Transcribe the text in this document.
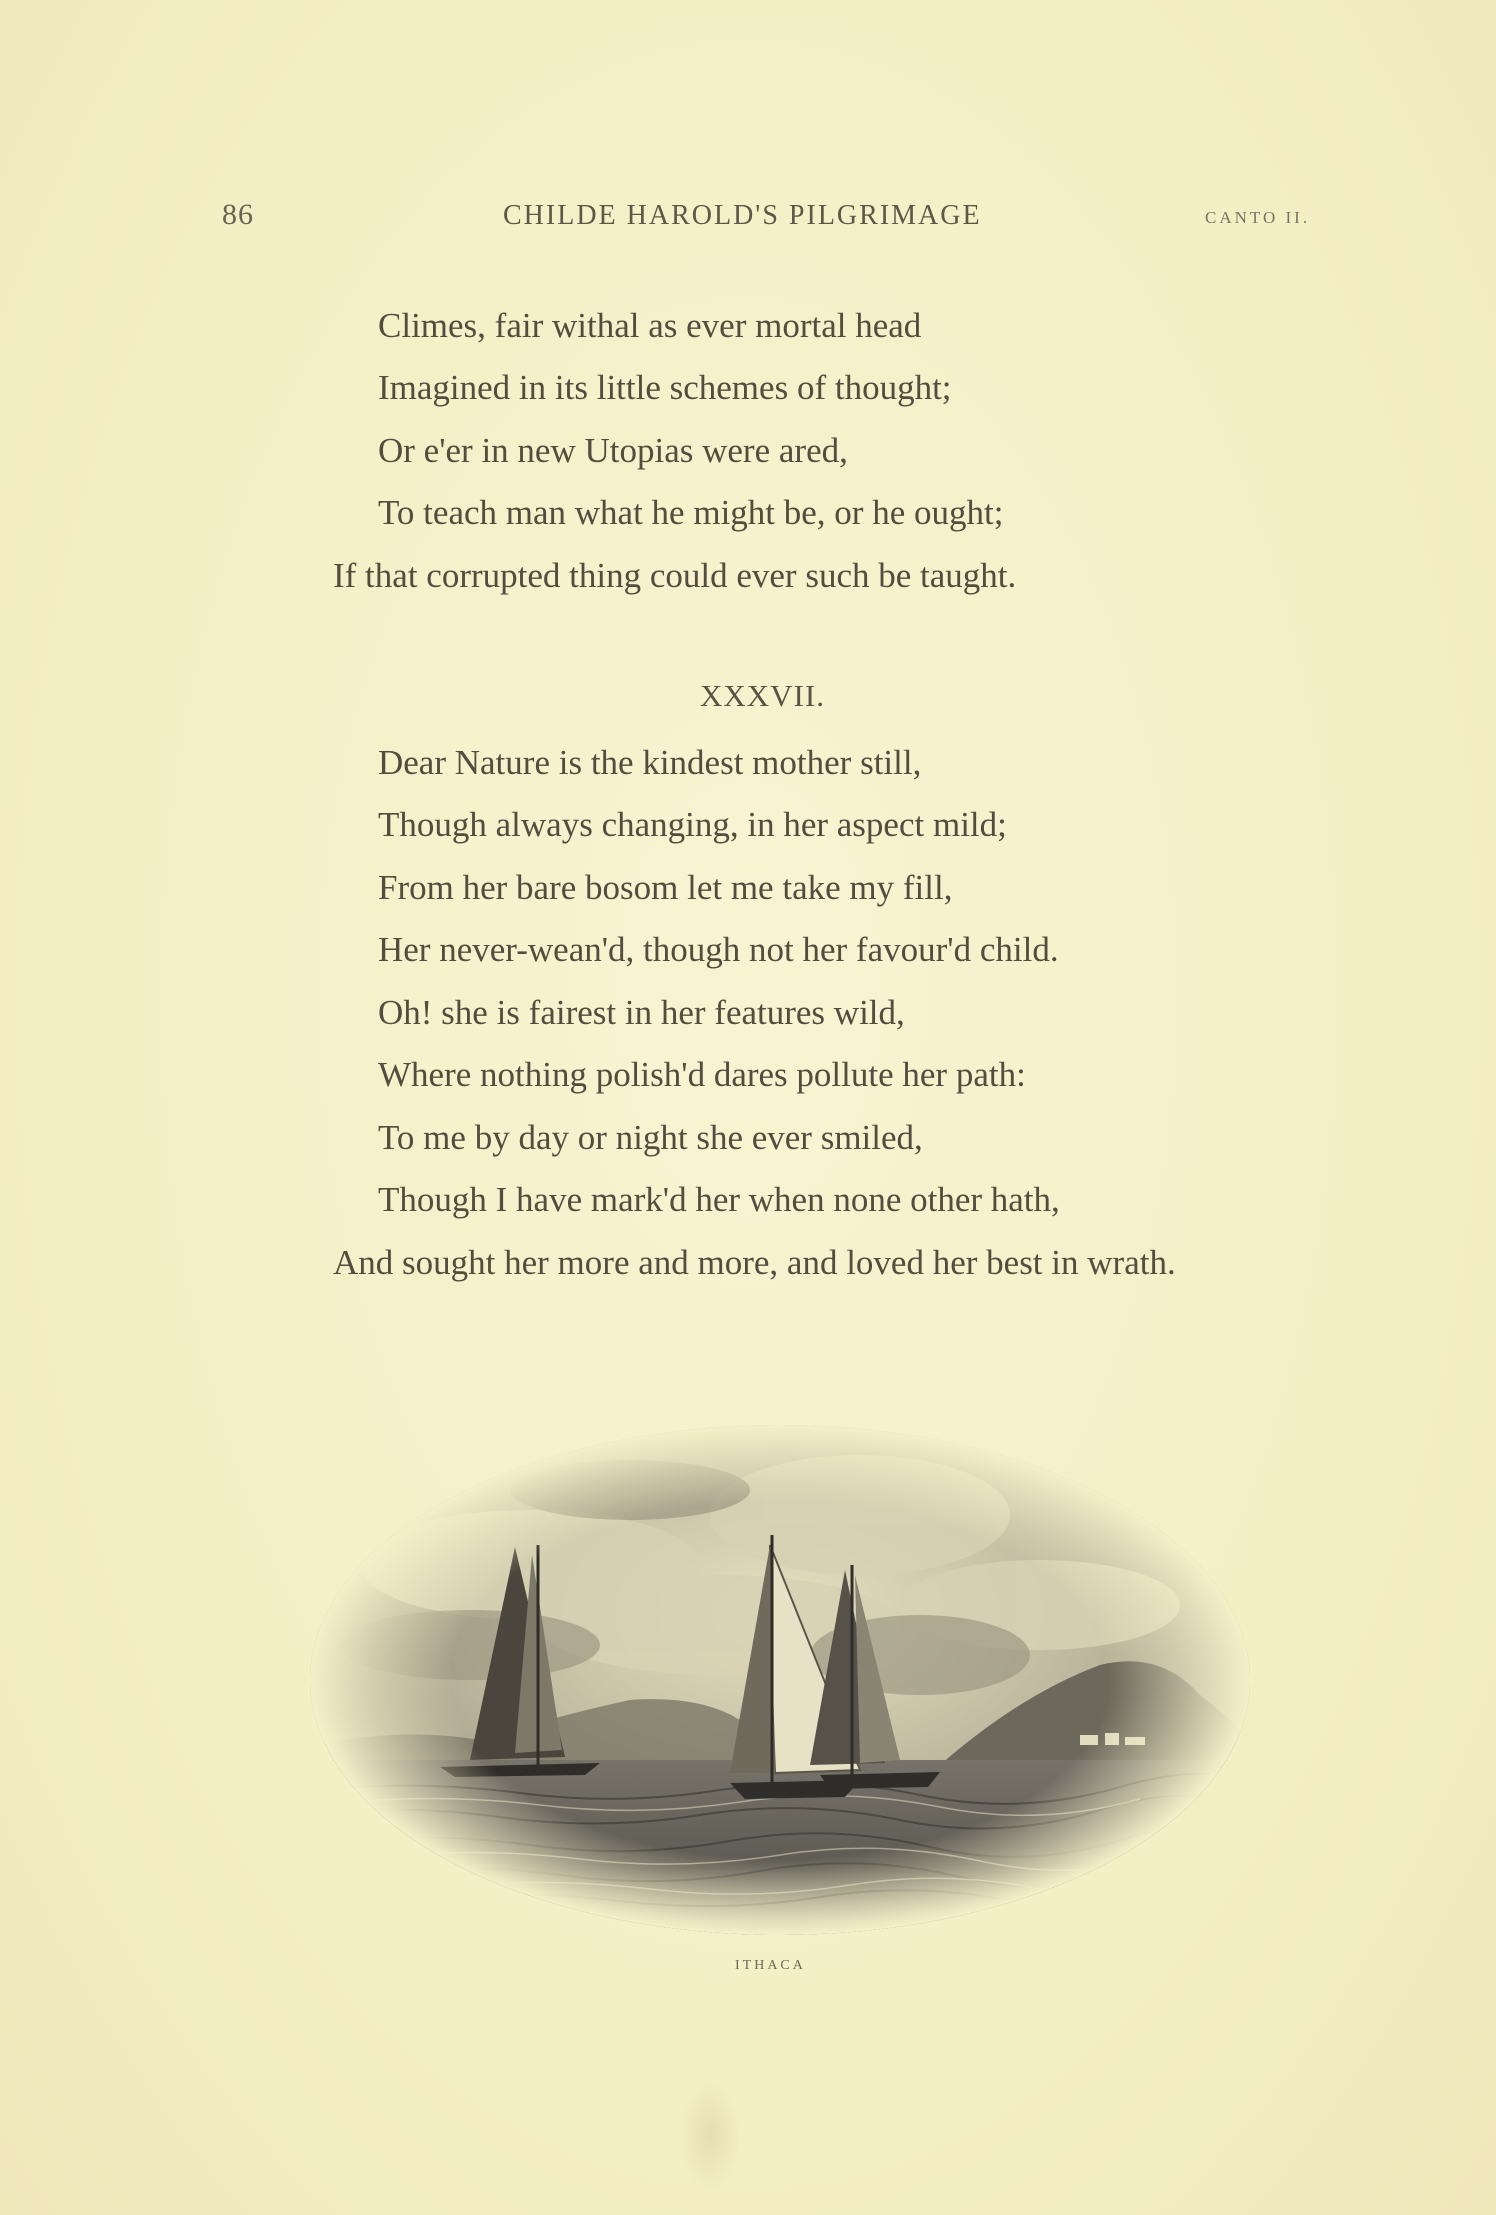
86	CHILDE HAROLD'S PILGRIMAGE	CANTO II.
Climes, fair withal as ever mortal head
Imagined in its little schemes of thought;
Or e'er in new Utopias were ared,
To teach man what he might be, or he ought;
If that corrupted thing could ever such be taught.
XXXVII.
Dear Nature is the kindest mother still,
Though always changing, in her aspect mild;
From her bare bosom let me take my fill,
Her never-wean'd, though not her favour'd child.
Oh! she is fairest in her features wild,
Where nothing polish'd dares pollute her path:
To me by day or night she ever smiled,
Though I have mark'd her when none other hath,
And sought her more and more, and loved her best in wrath.
ITHACA
